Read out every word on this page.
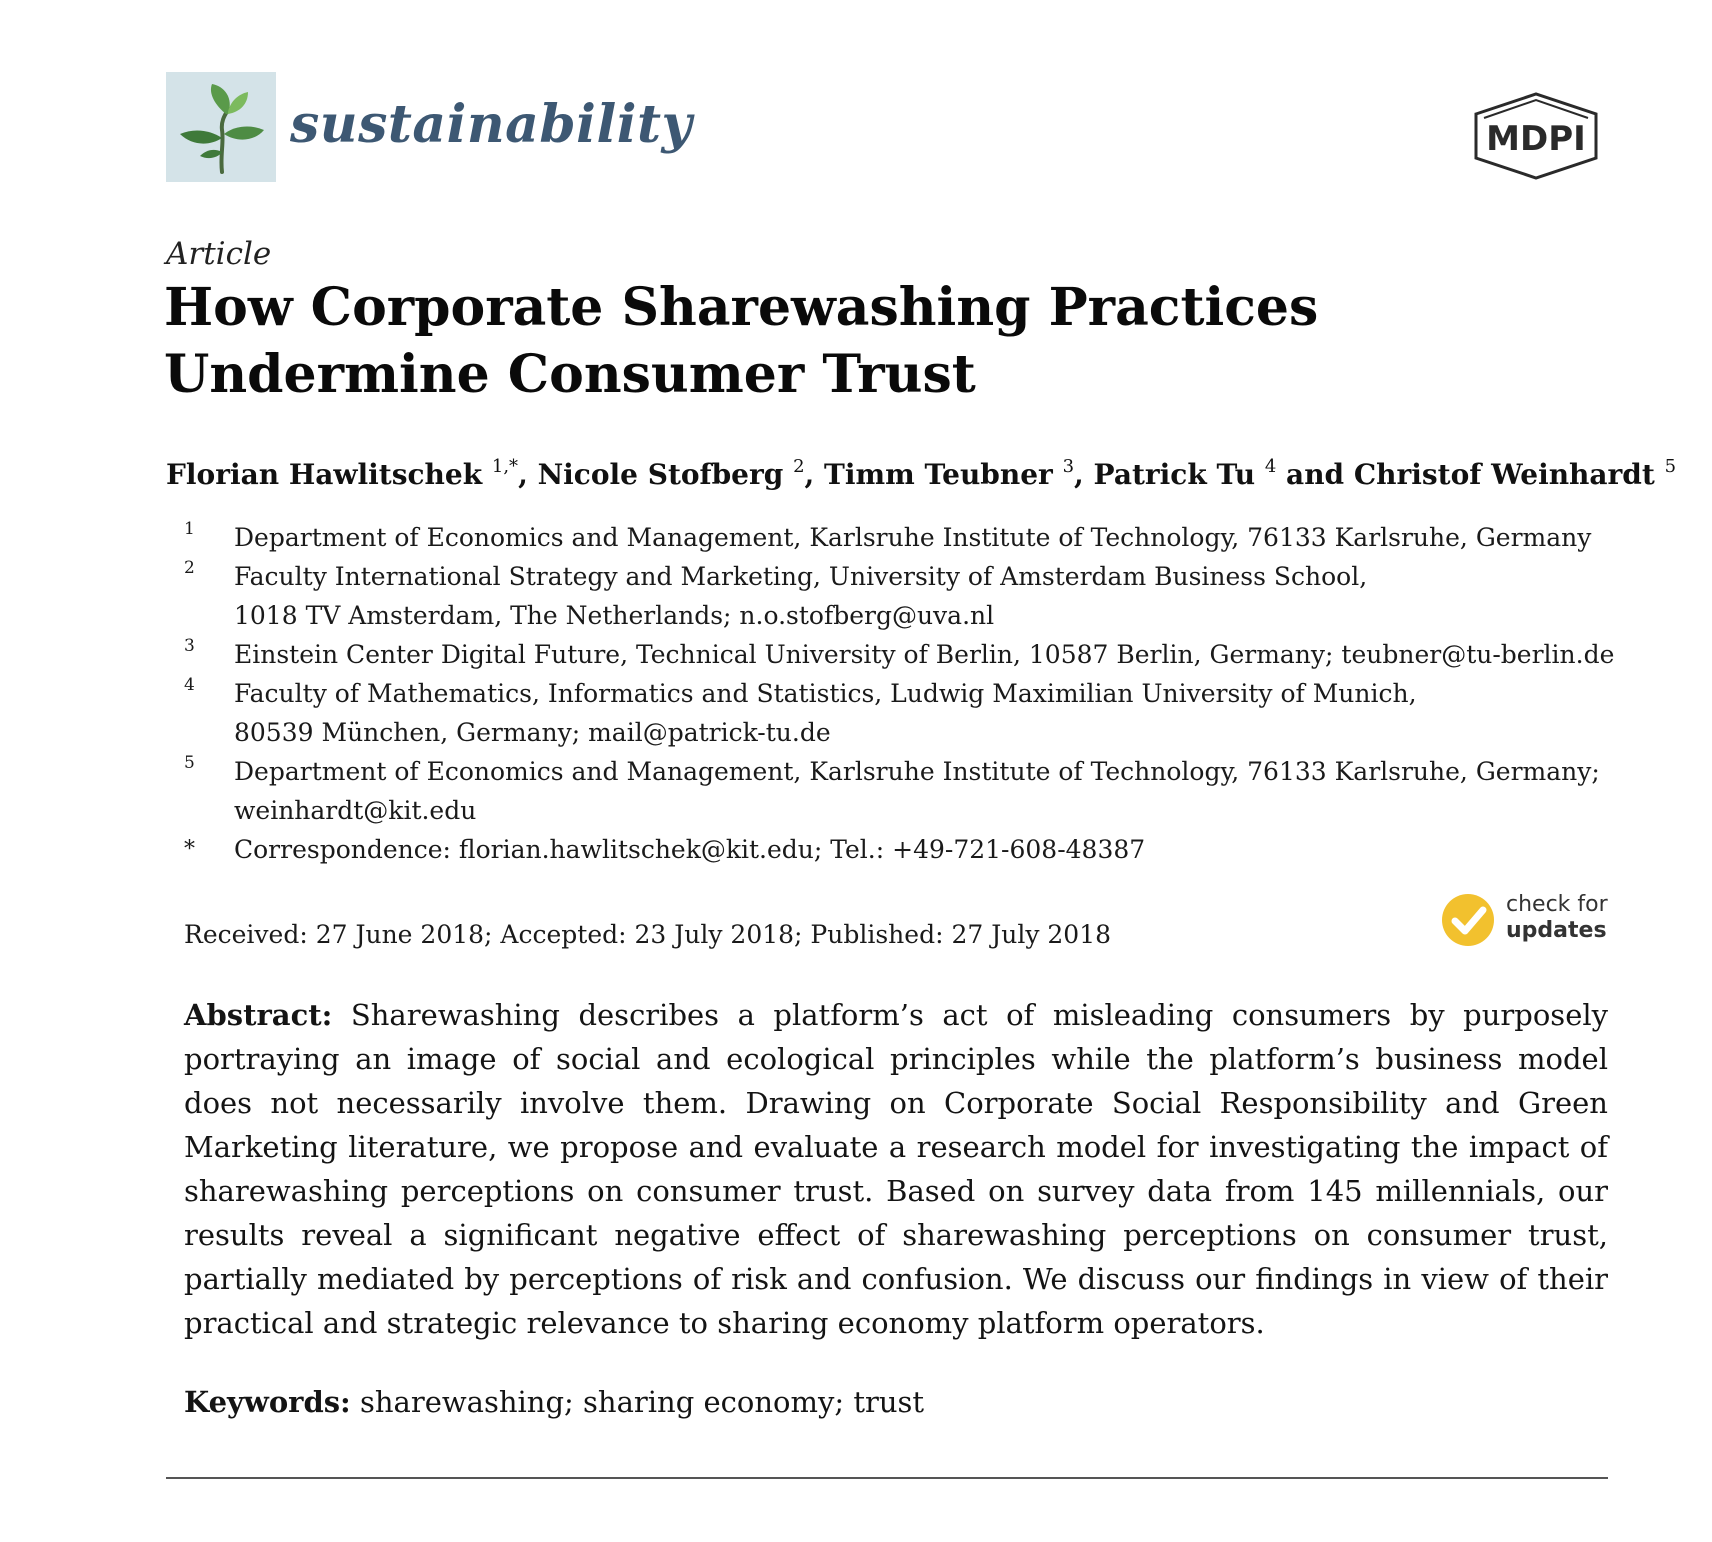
sustainability	MDPI
Article
How Corporate Sharewashing Practices Undermine Consumer Trust
Florian Hawlitschek $^{1,*}$, Nicole Stofberg $^2$, Timm Teubner $^3$, Patrick Tu $^4$ and Christof Weinhardt $^5$
1 Department of Economics and Management, Karlsruhe Institute of Technology, 76133 Karlsruhe, Germany
2 Faculty International Strategy and Marketing, University of Amsterdam Business School,
1018 TV Amsterdam, The Netherlands; n.o.stofberg@uva.nl
3 Einstein Center Digital Future, Technical University of Berlin, 10587 Berlin, Germany; teubner@tu-berlin.de
4 Faculty of Mathematics, Informatics and Statistics, Ludwig Maximilian University of Munich,
80539 München, Germany; mail@patrick-tu.de
5 Department of Economics and Management, Karlsruhe Institute of Technology, 76133 Karlsruhe, Germany;
weinhardt@kit.edu
* Correspondence: florian.hawlitschek@kit.edu; Tel.: +49-721-608-48387
Received: 27 June 2018; Accepted: 23 July 2018; Published: 27 July 2018
check for
updates
Abstract: Sharewashing describes a platform’s act of misleading consumers by purposely portraying an image of social and ecological principles while the platform’s business model does not necessarily involve them. Drawing on Corporate Social Responsibility and Green Marketing literature, we propose and evaluate a research model for investigating the impact of sharewashing perceptions on consumer trust. Based on survey data from 145 millennials, our results reveal a significant negative effect of sharewashing perceptions on consumer trust, partially mediated by perceptions of risk and confusion. We discuss our findings in view of their practical and strategic relevance to sharing economy platform operators.
Keywords: sharewashing; sharing economy; trust
